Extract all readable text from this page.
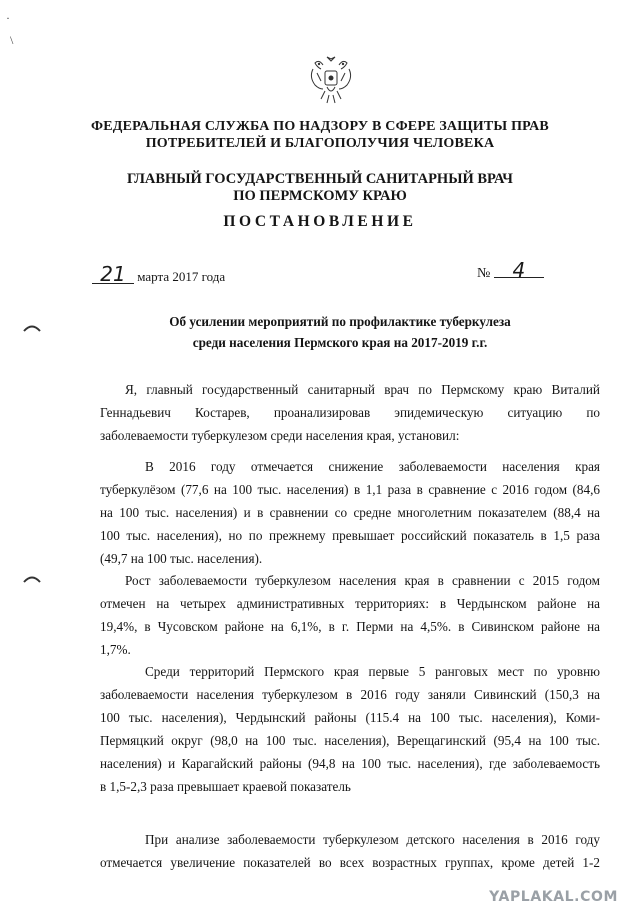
·
\
ФЕДЕРАЛЬНАЯ СЛУЖБА ПО НАДЗОРУ В СФЕРЕ ЗАЩИТЫ ПРАВ
ПОТРЕБИТЕЛЕЙ И БЛАГОПОЛУЧИЯ ЧЕЛОВЕКА
ГЛАВНЫЙ ГОСУДАРСТВЕННЫЙ САНИТАРНЫЙ ВРАЧ
ПО ПЕРМСКОМУ КРАЮ
ПОСТАНОВЛЕНИЕ
21 марта 2017 года	№ 4
Об усилении мероприятий по профилактике туберкулеза
среди населения Пермского края на 2017-2019 г.г.
Я, главный государственный санитарный врач по Пермскому краю Виталий
Геннадьевич Костарев, проанализировав эпидемическую ситуацию по
заболеваемости туберкулезом среди населения края, установил:
В 2016 году отмечается снижение заболеваемости населения края
туберкулёзом (77,6 на 100 тыс. населения) в 1,1 раза в сравнение с 2016 годом (84,6
на 100 тыс. населения) и в сравнении со средне многолетним показателем (88,4 на
100 тыс. населения), но по прежнему превышает российский показатель в 1,5 раза
(49,7 на 100 тыс. населения).
Рост заболеваемости туберкулезом населения края в сравнении с 2015 годом
отмечен на четырех административных территориях: в Чердынском районе на
19,4%, в Чусовском районе на 6,1%, в г. Перми на 4,5%. в Сивинском районе на
1,7%.
Среди территорий Пермского края первые 5 ранговых мест по уровню
заболеваемости населения туберкулезом в 2016 году заняли Сивинский (150,3 на
100 тыс. населения), Чердынский районы (115.4 на 100 тыс. населения), Коми-
Пермяцкий округ (98,0 на 100 тыс. населения), Верещагинский (95,4 на 100 тыс.
населения) и Карагайский районы (94,8 на 100 тыс. населения), где заболеваемость
в 1,5-2,3 раза превышает краевой показатель
При анализе заболеваемости туберкулезом детского населения в 2016 году
отмечается увеличение показателей во всех возрастных группах, кроме детей 1-2
YAPLAKAL.COM
